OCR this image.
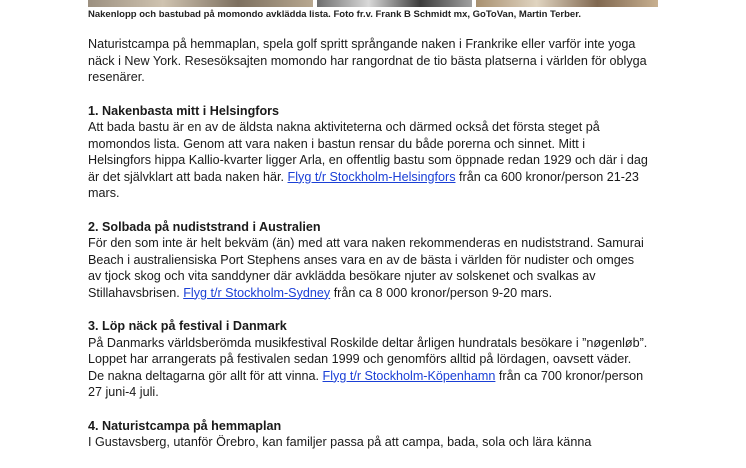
Nakenlopp och bastubad på momondo avklädda lista. Foto fr.v. Frank B Schmidt mx, GoToVan, Martin Terber.

Naturistcampa på hemmaplan, spela golf spritt språngande naken i Frankrike eller varför inte yoga näck i New York. Resesöksajten momondo har rangordnat de tio bästa platserna i världen för oblyga resenärer.

1. Nakenbasta mitt i Helsingfors

Att bada bastu är en av de äldsta nakna aktiviteterna och därmed också det första steget på momondos lista. Genom att vara naken i bastun rensar du både porerna och sinnet. Mitt i Helsingfors hippa Kallio-kvarter ligger Arla, en offentlig bastu som öppnade redan 1929 och där i dag är det självklart att bada naken här. Flyg t/r Stockholm-Helsingfors från ca 600 kronor/person 21-23 mars.

2. Solbada på nudiststrand i Australien

För den som inte är helt bekväm (än) med att vara naken rekommenderas en nudiststrand. Samurai Beach i australiensiska Port Stephens anses vara en av de bästa i världen för nudister och omges av tjock skog och vita sanddyner där avklädda besökare njuter av solskenet och svalkas av Stillahavsbrisen. Flyg t/r Stockholm-Sydney från ca 8 000 kronor/person 9-20 mars.

3. Löp näck på festival i Danmark

På Danmarks världsberömda musikfestival Roskilde deltar årligen hundratals besökare i ”nøgenløb”. Loppet har arrangerats på festivalen sedan 1999 och genomförs alltid på lördagen, oavsett väder. De nakna deltagarna gör allt för att vinna. Flyg t/r Stockholm-Köpenhamn från ca 700 kronor/person 27 juni-4 juli.

4. Naturistcampa på hemmaplan

I Gustavsberg, utanför Örebro, kan familjer passa på att campa, bada, sola och lära känna
